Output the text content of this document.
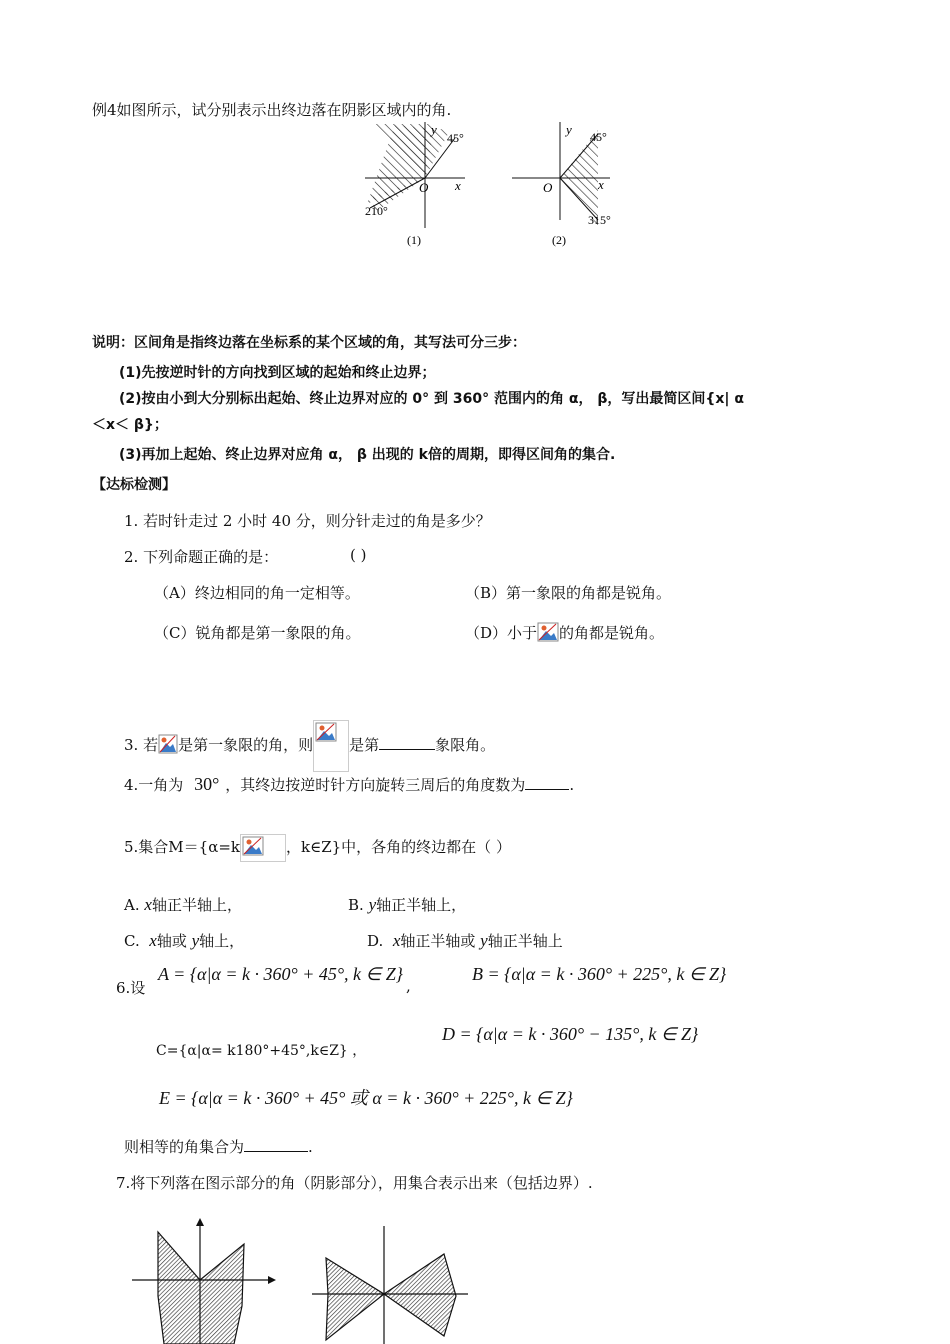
例4如图所示，试分别表示出终边落在阴影区域内的角.
y
x
O
45°
210°
(1)
y
x
O
45°
315°
(2)
说明：区间角是指终边落在坐标系的某个区域的角，其写法可分三步：
(1)先按逆时针的方向找到区域的起始和终止边界；
(2)按由小到大分别标出起始、终止边界对应的 0° 到 360° 范围内的角 α， β，写出最简区间{x| α
＜x＜ β}；
(3)再加上起始、终止边界对应角 α， β 出现的 k倍的周期，即得区间角的集合.
【达标检测】
1. 若时针走过 2 小时 40 分，则分针走过的角是多少？
2. 下列命题正确的是：	( )
（A）终边相同的角一定相等。	（B）第一象限的角都是锐角。
（C）锐角都是第一象限的角。	（D）小于 的角都是锐角。
3. 若 是第一象限的角，则 是第	象限角。
4.一角为 30° ，其终边按逆时针方向旋转三周后的角度数为	.
5.集合M＝{α=k	，k∈Z}中，各角的终边都在（ ）
A. x轴正半轴上，	B. y轴正半轴上，
C. x轴或 y轴上，	D. x轴正半轴或 y轴正半轴上
6.设
A = {α|α = k · 360° + 45°, k ∈ Z}
,
B = {α|α = k · 360° + 225°, k ∈ Z}
C={α|α= k180°+45°,k∈Z} ，
D = {α|α = k · 360° − 135°, k ∈ Z}
E = {α|α = k · 360° + 45° 或 α = k · 360° + 225°, k ∈ Z}
则相等的角集合为	.
7.将下列落在图示部分的角（阴影部分），用集合表示出来（包括边界）.
